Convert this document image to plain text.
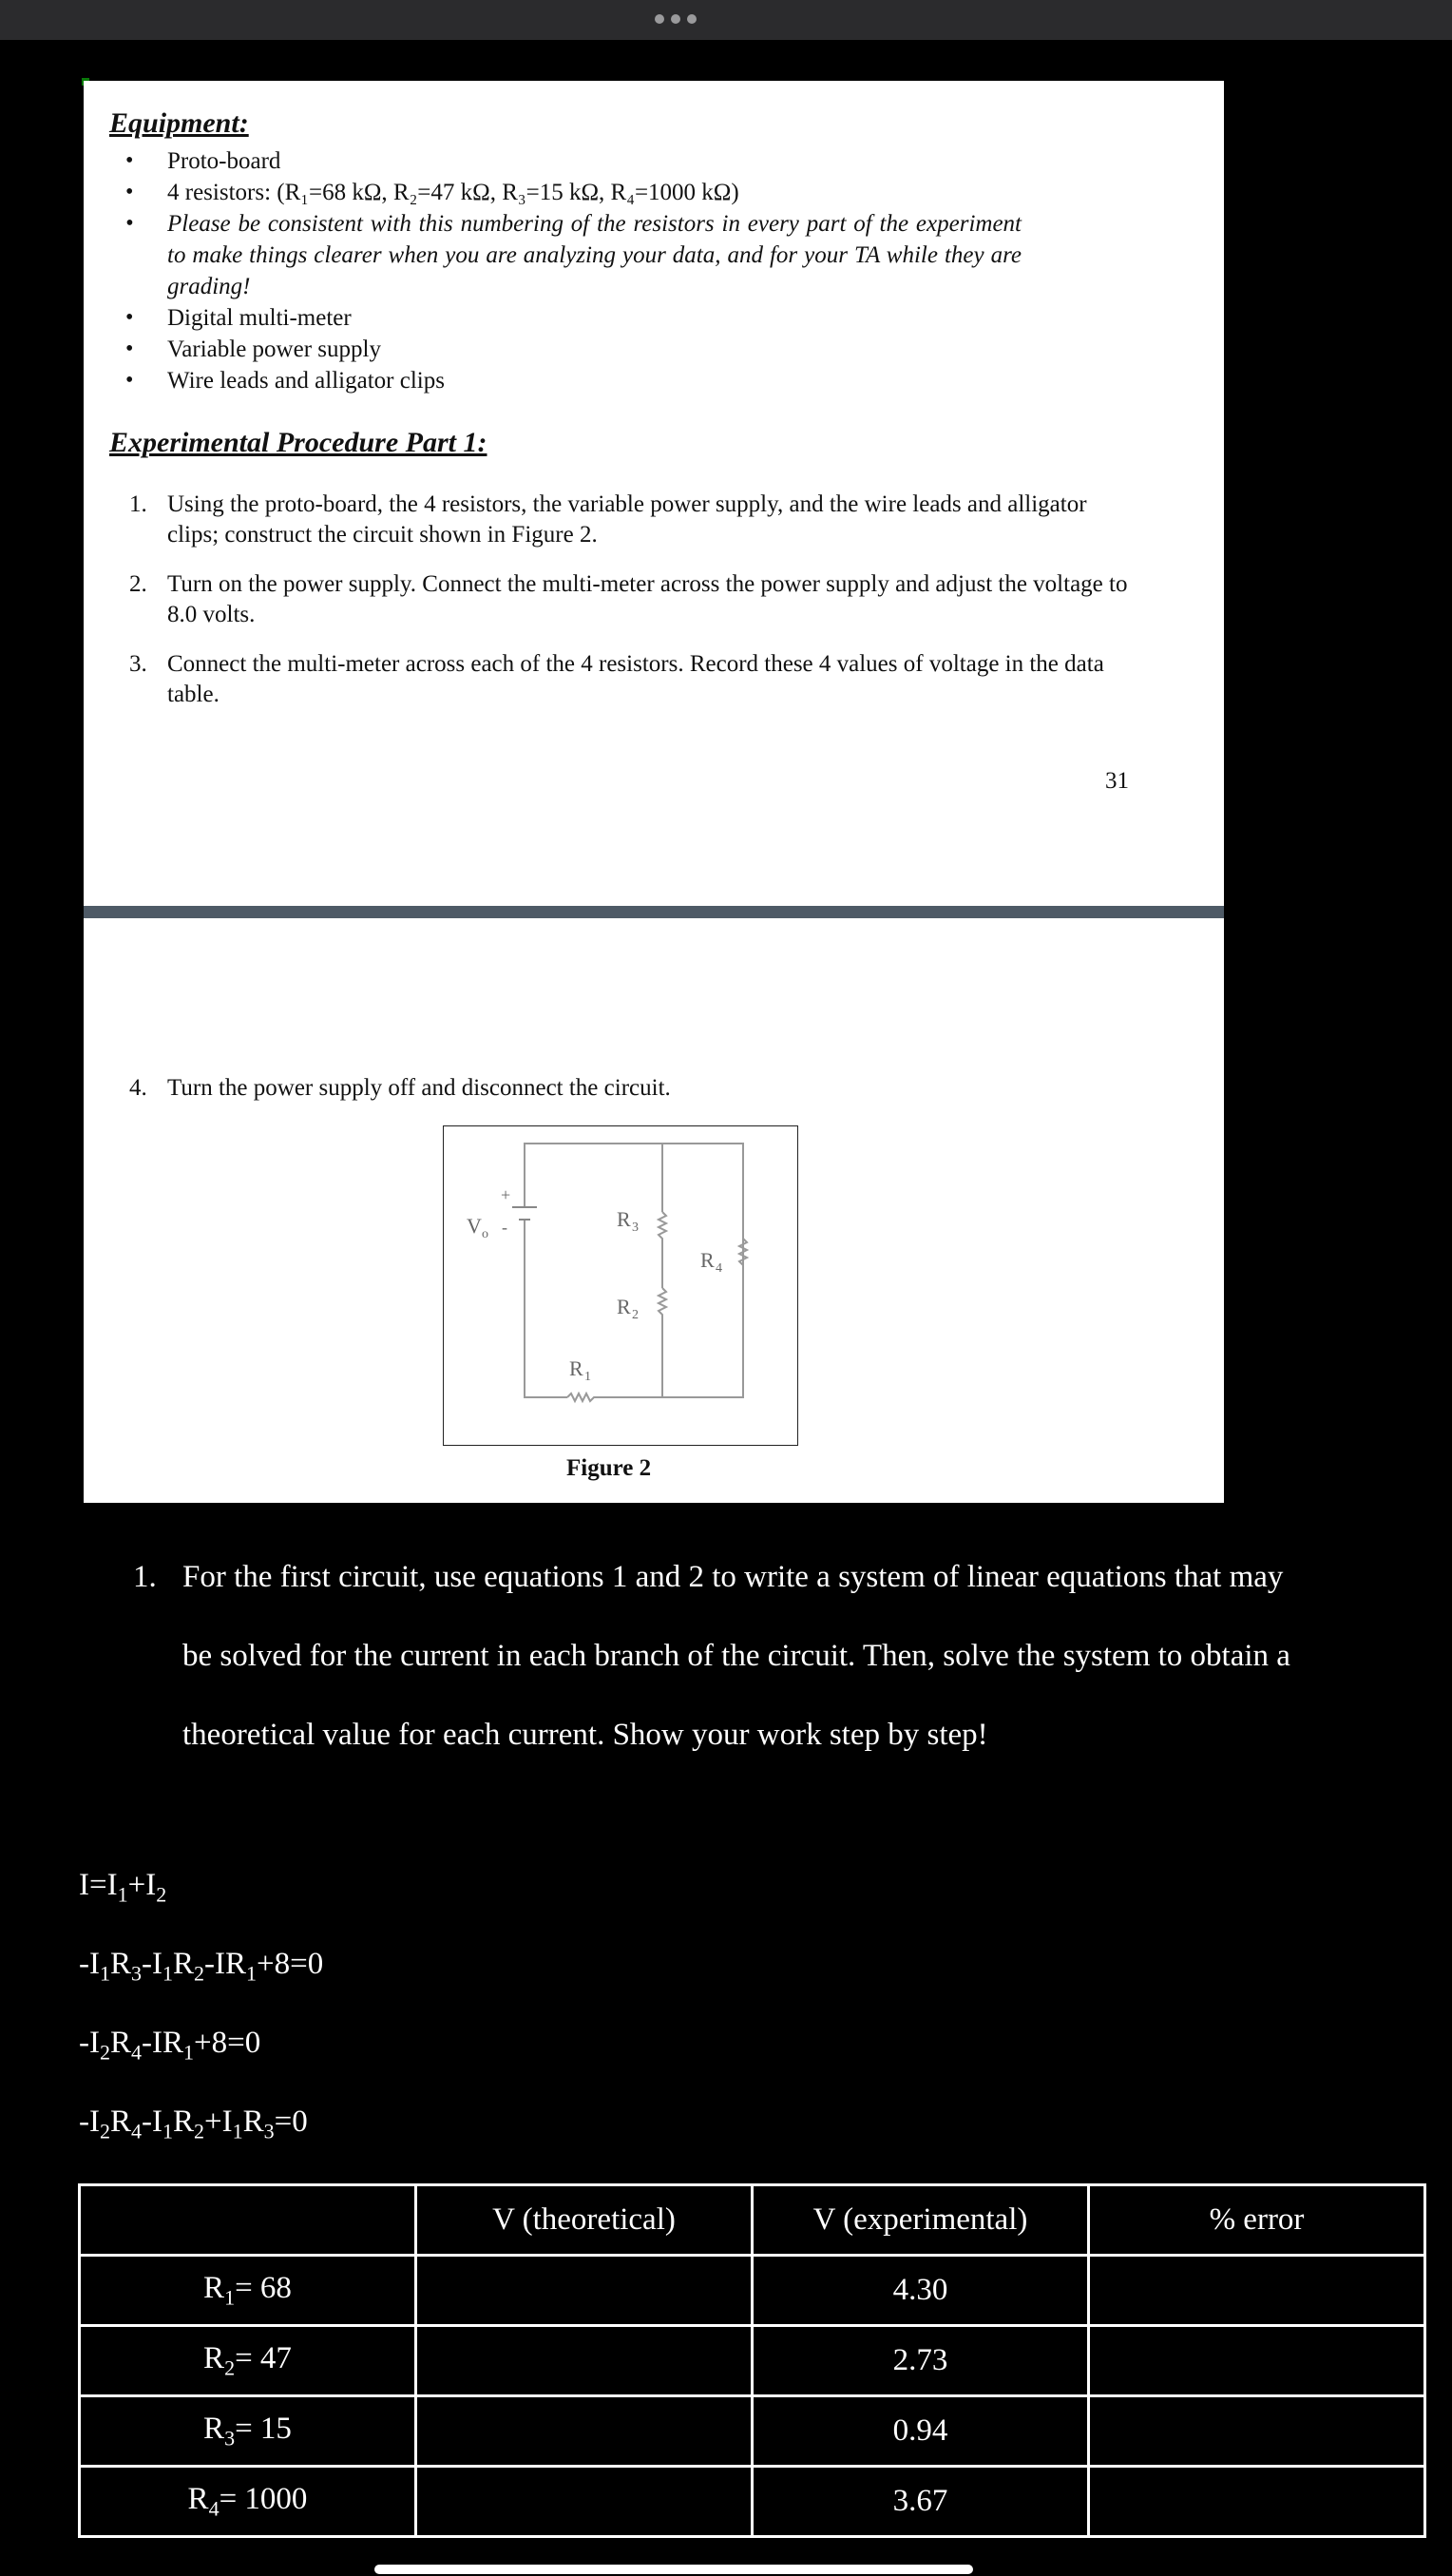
Equipment:
• Proto-board
• 4 resistors: (R₁=68 kΩ, R₂=47 kΩ, R₃=15 kΩ, R₄=1000 kΩ)
• Please be consistent with this numbering of the resistors in every part of the experiment to make things clearer when you are analyzing your data, and for your TA while they are grading!
• Digital multi-meter
• Variable power supply
• Wire leads and alligator clips
Experimental Procedure Part 1:
1. Using the proto-board, the 4 resistors, the variable power supply, and the wire leads and alligator clips; construct the circuit shown in Figure 2.
2. Turn on the power supply. Connect the multi-meter across the power supply and adjust the voltage to 8.0 volts.
3. Connect the multi-meter across each of the 4 resistors. Record these 4 values of voltage in the data table.
31
4. Turn the power supply off and disconnect the circuit.
+
-
V o
R 3
R 4
R 2
R 1
Figure 2
1. For the first circuit, use equations 1 and 2 to write a system of linear equations that may be solved for the current in each branch of the circuit. Then, solve the system to obtain a theoretical value for each current. Show your work step by step!
$I=I_1+I_2$
$-I_1R_3-I_1R_2-IR_1+8=0$
$-I_2R_4-IR_1+8=0$
$-I_2R_4-I_1R_2+I_1R_3=0$
	V (theoretical)	V (experimental)	% error
$R_1= 68$		4.30	
$R_2= 47$		2.73	
$R_3= 15$		0.94	
$R_4= 1000$		3.67	
